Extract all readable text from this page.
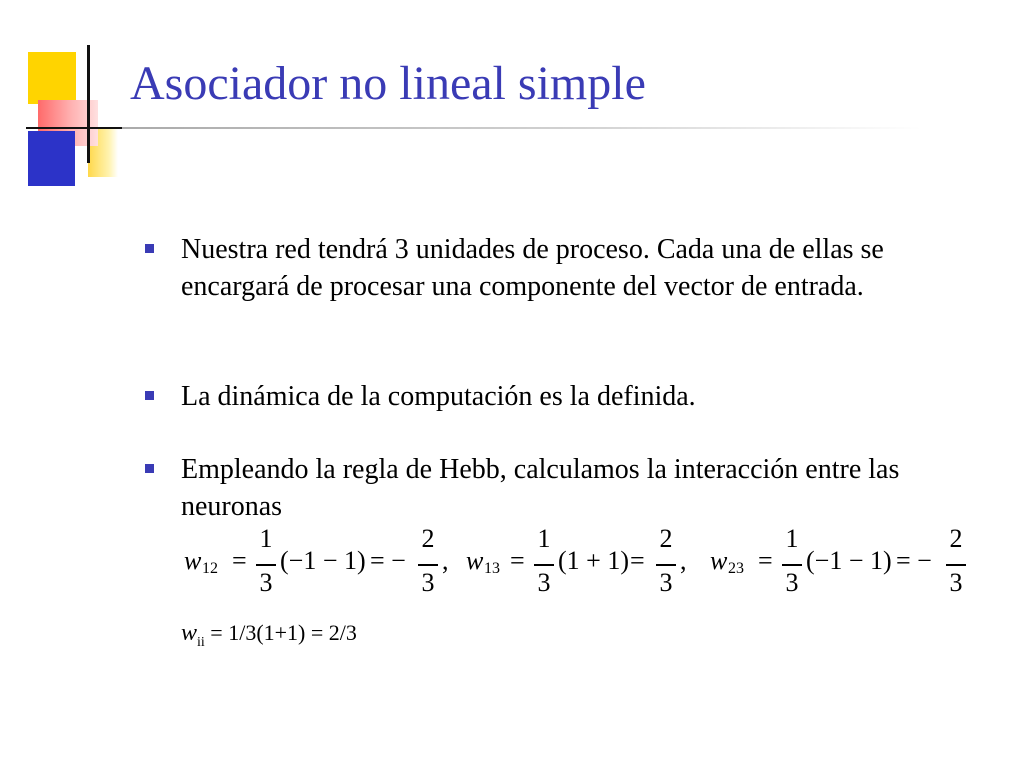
Asociador no lineal simple
Nuestra red tendrá 3 unidades de proceso. Cada una de ellas se encargará de procesar una componente del vector de entrada.
La dinámica de la computación es la definida.
Empleando la regla de Hebb, calculamos la interacción entre las neuronas
w 12 =
1
3
(−1 − 1) = −
2
3
, w 13 =
1
3
(1 + 1) =
2
3
, w 23 =
1
3
(−1 − 1) = −
2
3
$w_{ii} = 1/3(1+1) = 2/3$
